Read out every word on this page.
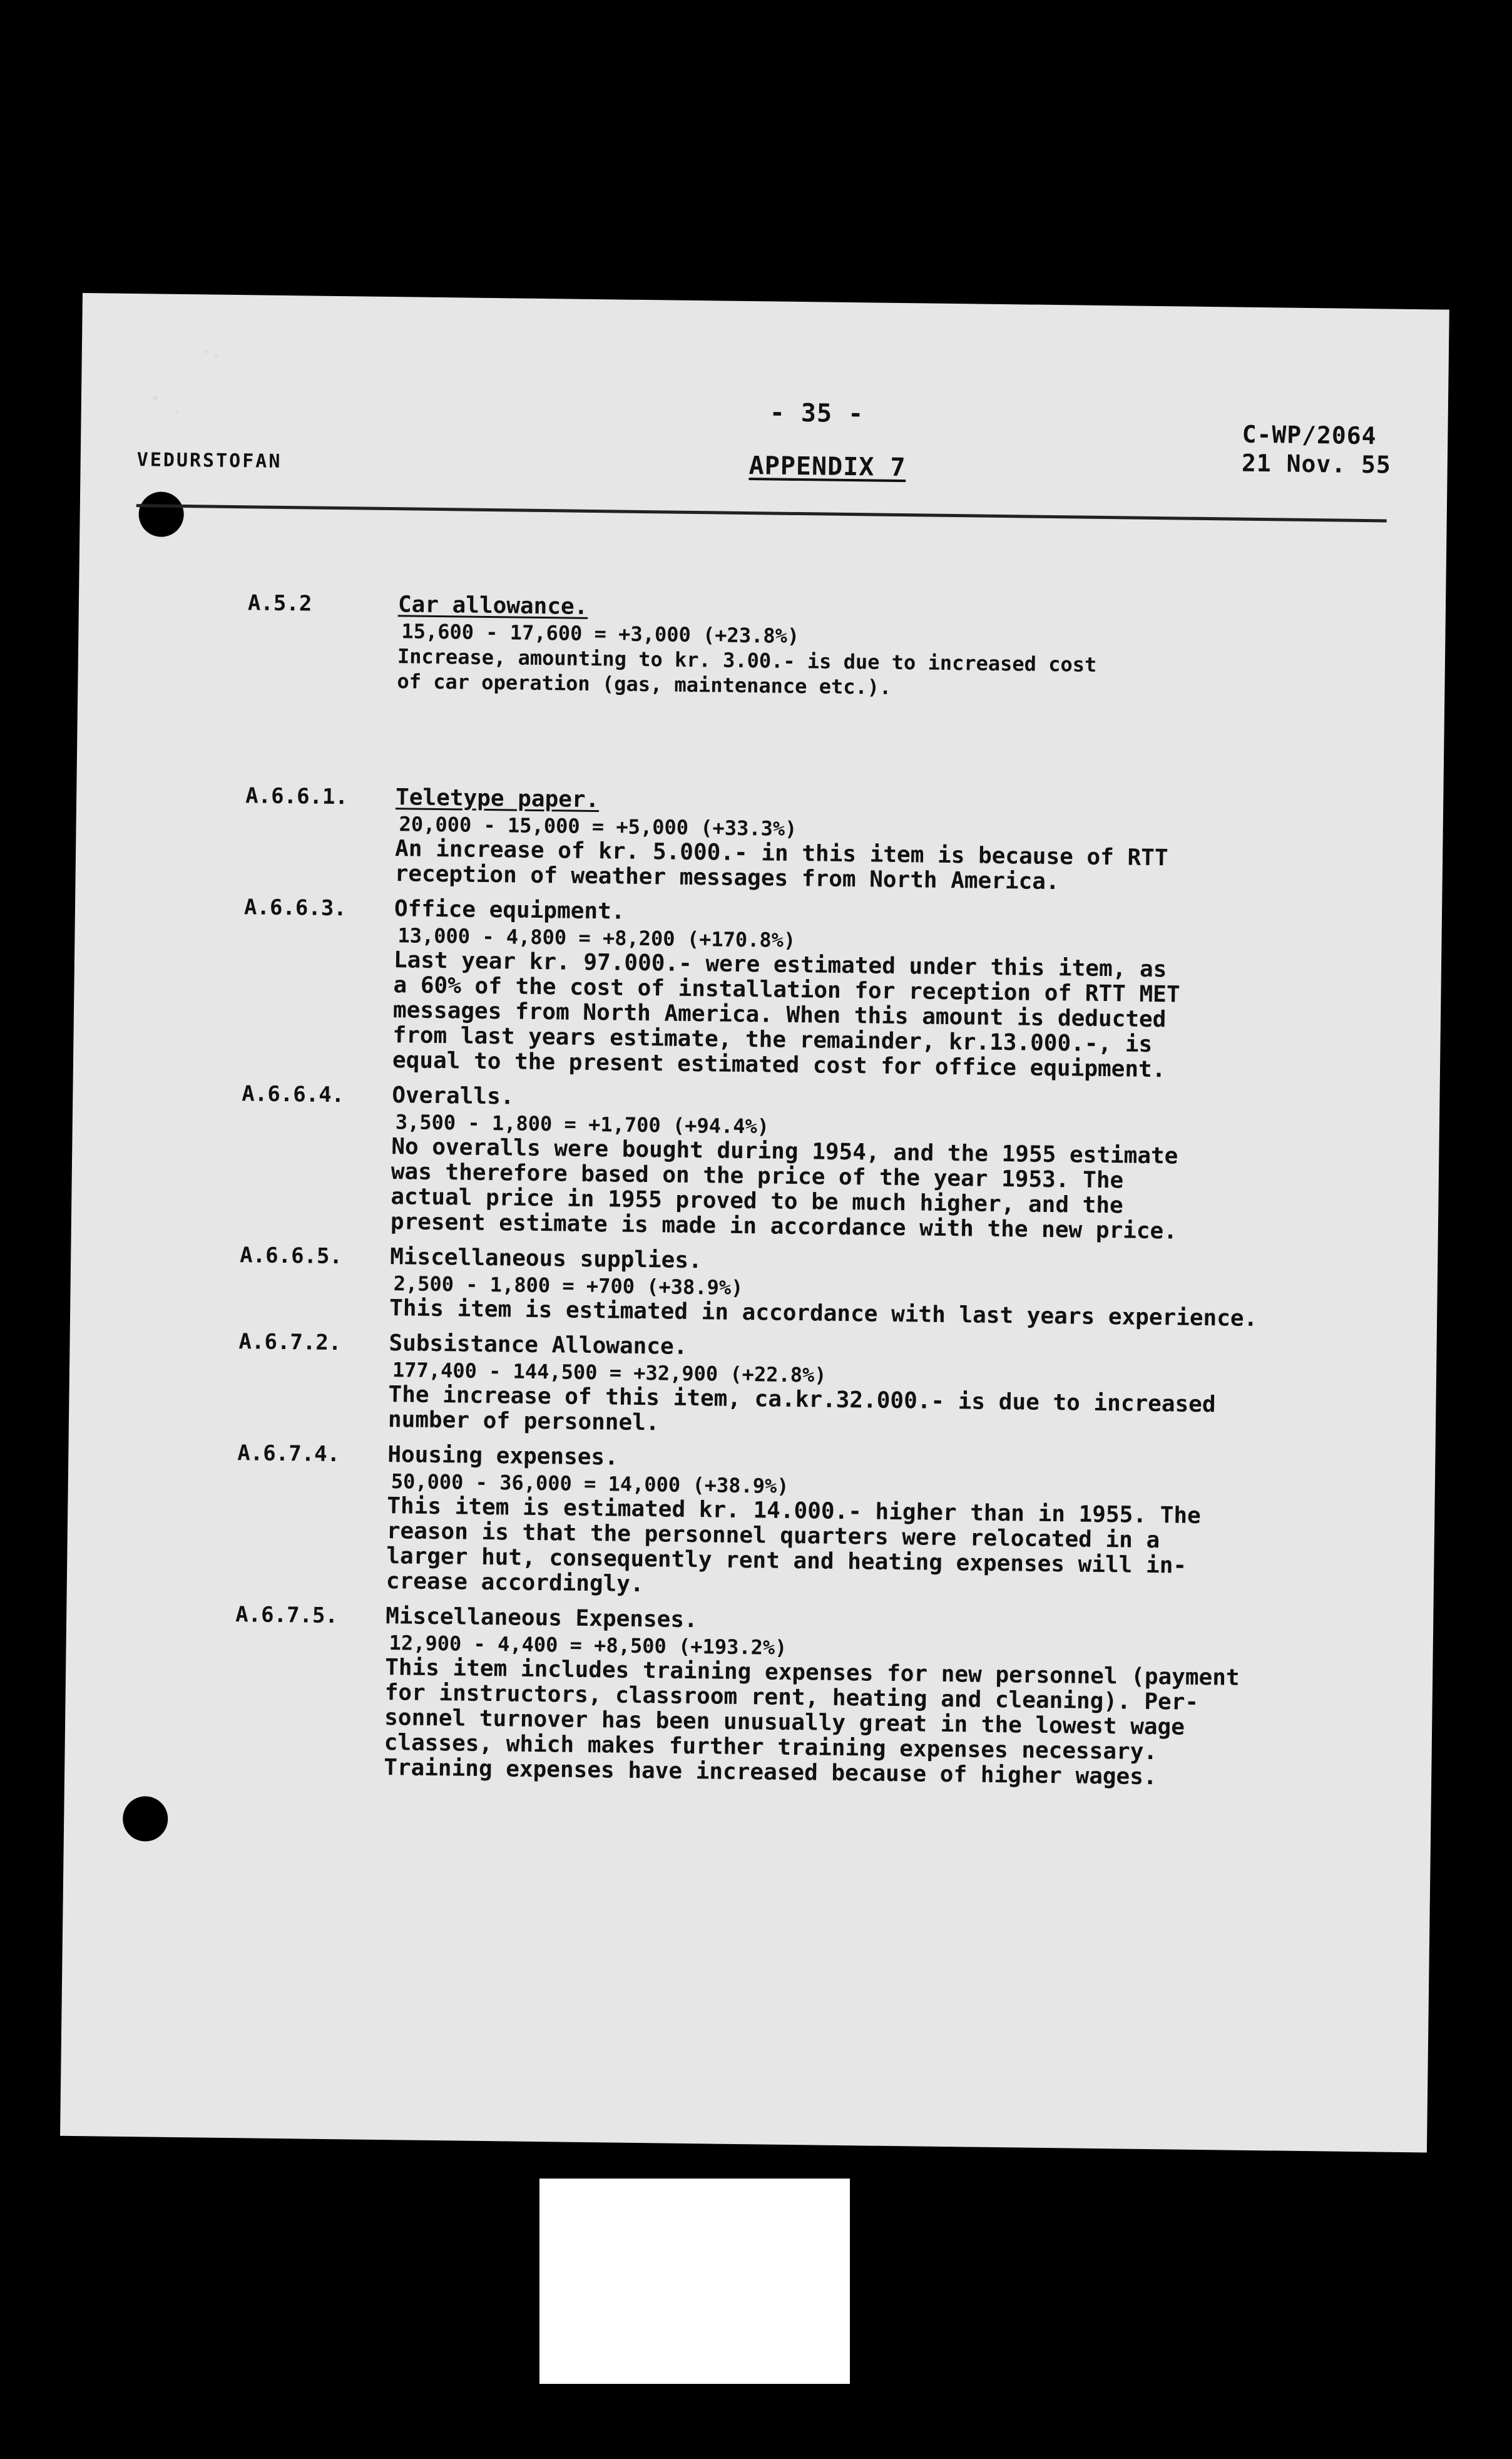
- 35 -
VEDURSTOFAN	APPENDIX 7
C-WP/2064
21 Nov. 55
A.5.2	Car allowance.
15,600 - 17,600 = +3,000 (+23.8%)
Increase, amounting to kr. 3.00.- is due to increased cost
of car operation (gas, maintenance etc.).
A.6.6.1. Teletype paper.
20,000 - 15,000 = +5,000 (+33.3%)
An increase of kr. 5.000.- in this item is because of RTT
reception of weather messages from North America.
A.6.6.3. Office equipment.
13,000 - 4,800 = +8,200 (+170.8%)
Last year kr. 97.000.- were estimated under this item, as
a 60% of the cost of installation for reception of RTT MET
messages from North America. When this amount is deducted
from last years estimate, the remainder, kr.13.000.-, is
equal to the present estimated cost for office equipment.
A.6.6.4. Overalls.
3,500 - 1,800 = +1,700 (+94.4%)
No overalls were bought during 1954, and the 1955 estimate
was therefore based on the price of the year 1953. The
actual price in 1955 proved to be much higher, and the
present estimate is made in accordance with the new price.
A.6.6.5. Miscellaneous supplies.
2,500 - 1,800 = +700 (+38.9%)
This item is estimated in accordance with last years experience.
A.6.7.2. Subsistance Allowance.
177,400 - 144,500 = +32,900 (+22.8%)
The increase of this item, ca.kr.32.000.- is due to increased
number of personnel.
A.6.7.4. Housing expenses.
50,000 - 36,000 = 14,000 (+38.9%)
This item is estimated kr. 14.000.- higher than in 1955. The
reason is that the personnel quarters were relocated in a
larger hut, consequently rent and heating expenses will in-
crease accordingly.
A.6.7.5. Miscellaneous Expenses.
12,900 - 4,400 = +8,500 (+193.2%)
This item includes training expenses for new personnel (payment
for instructors, classroom rent, heating and cleaning). Per-
sonnel turnover has been unusually great in the lowest wage
classes, which makes further training expenses necessary.
Training expenses have increased because of higher wages.
